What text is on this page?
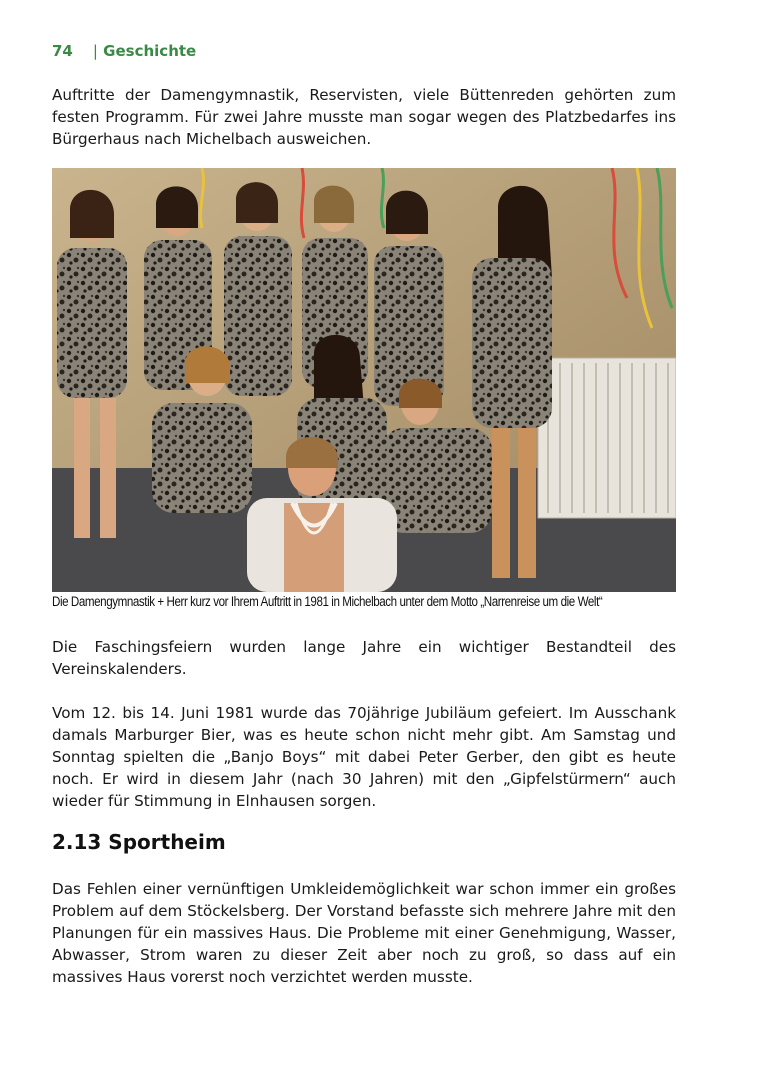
74 | Geschichte

Auftritte der Damengymnastik, Reservisten, viele Büttenreden gehörten zum festen Programm. Für zwei Jahre musste man sogar wegen des Platzbedarfes ins Bürgerhaus nach Michelbach ausweichen.

Die Damengymnastik + Herr kurz vor Ihrem Auftritt in 1981 in Michelbach unter dem Motto „Narrenreise um die Welt“

Die Faschingsfeiern wurden lange Jahre ein wichtiger Bestandteil des Vereinskalenders.

Vom 12. bis 14. Juni 1981 wurde das 70jährige Jubiläum gefeiert. Im Ausschank damals Marburger Bier, was es heute schon nicht mehr gibt. Am Samstag und Sonntag spielten die „Banjo Boys“ mit dabei Peter Gerber, den gibt es heute noch. Er wird in diesem Jahr (nach 30 Jahren) mit den „Gipfelstürmern“ auch wieder für Stimmung in Elnhausen sorgen.

2.13 Sportheim

Das Fehlen einer vernünftigen Umkleidemöglichkeit war schon immer ein großes Problem auf dem Stöckelsberg. Der Vorstand befasste sich mehrere Jahre mit den Planungen für ein massives Haus. Die Probleme mit einer Genehmigung, Wasser, Abwasser, Strom waren zu dieser Zeit aber noch zu groß, so dass auf ein massives Haus vorerst noch verzichtet werden musste.
